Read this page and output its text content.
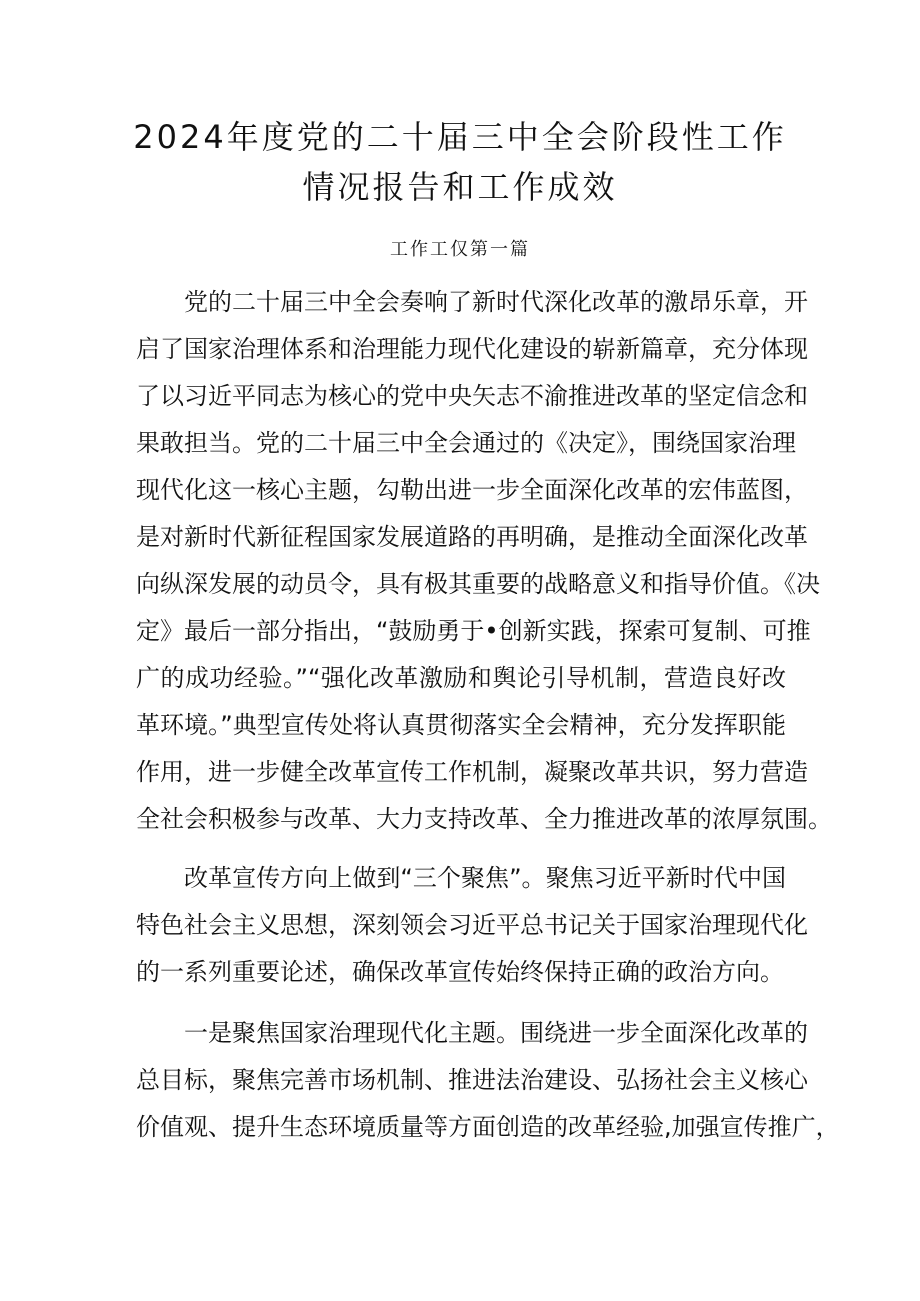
2024年度党的二十届三中全会阶段性工作
情况报告和工作成效
工作工仅第一篇
党的二十届三中全会奏响了新时代深化改革的激昂乐章，开
启了国家治理体系和治理能力现代化建设的崭新篇章，充分体现
了以习近平同志为核心的党中央矢志不渝推进改革的坚定信念和
果敢担当。党的二十届三中全会通过的《决定》，围绕国家治理
现代化这一核心主题，勾勒出进一步全面深化改革的宏伟蓝图，
是对新时代新征程国家发展道路的再明确，是推动全面深化改革
向纵深发展的动员令，具有极其重要的战略意义和指导价值。《决
定》最后一部分指出，“鼓励勇于•创新实践，探索可复制、可推
广的成功经验。”“强化改革激励和舆论引导机制，营造良好改
革环境。”典型宣传处将认真贯彻落实全会精神，充分发挥职能
作用，进一步健全改革宣传工作机制，凝聚改革共识，努力营造
全社会积极参与改革、大力支持改革、全力推进改革的浓厚氛围。
改革宣传方向上做到“三个聚焦”。聚焦习近平新时代中国
特色社会主义思想，深刻领会习近平总书记关于国家治理现代化
的一系列重要论述，确保改革宣传始终保持正确的政治方向。
一是聚焦国家治理现代化主题。围绕进一步全面深化改革的
总目标，聚焦完善市场机制、推进法治建设、弘扬社会主义核心
价值观、提升生态环境质量等方面创造的改革经验,加强宣传推广，
